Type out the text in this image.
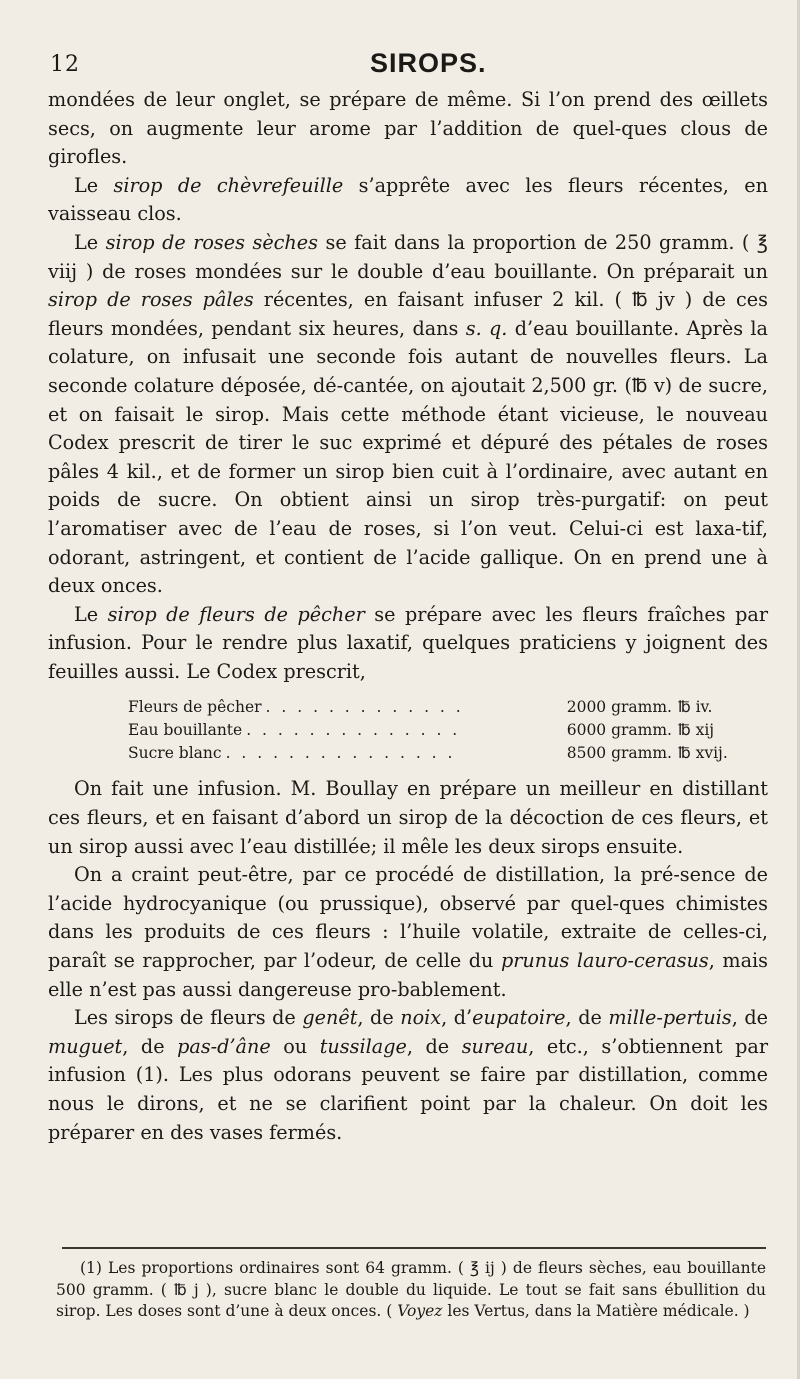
12	SIROPS.

mondées de leur onglet, se prépare de même. Si l’on prend des œillets secs, on augmente leur arome par l’addition de quel-ques clous de girofles.

Le sirop de chèvrefeuille s’apprête avec les fleurs récentes, en vaisseau clos.

Le sirop de roses sèches se fait dans la proportion de 250 gramm. ( ℥ viij ) de roses mondées sur le double d’eau bouillante. On préparait un sirop de roses pâles récentes, en faisant infuser 2 kil. ( ℔ jv ) de ces fleurs mondées, pendant six heures, dans s. q. d’eau bouillante. Après la colature, on infusait une seconde fois autant de nouvelles fleurs. La seconde colature déposée, dé-cantée, on ajoutait 2,500 gr. (℔ v) de sucre, et on faisait le sirop. Mais cette méthode étant vicieuse, le nouveau Codex prescrit de tirer le suc exprimé et dépuré des pétales de roses pâles 4 kil., et de former un sirop bien cuit à l’ordinaire, avec autant en poids de sucre. On obtient ainsi un sirop très-purgatif: on peut l’aromatiser avec de l’eau de roses, si l’on veut. Celui-ci est laxa-tif, odorant, astringent, et contient de l’acide gallique. On en prend une à deux onces.

Le sirop de fleurs de pêcher se prépare avec les fleurs fraîches par infusion. Pour le rendre plus laxatif, quelques praticiens y joignent des feuilles aussi. Le Codex prescrit,

Fleurs de pêcher . . . . . . . . . . . . .	2000 gramm. ℔ iv.
Eau bouillante . . . . . . . . . . . . . .	6000 gramm. ℔ xij
Sucre blanc . . . . . . . . . . . . . . .	8500 gramm. ℔ xvij.

On fait une infusion. M. Boullay en prépare un meilleur en distillant ces fleurs, et en faisant d’abord un sirop de la décoction de ces fleurs, et un sirop aussi avec l’eau distillée; il mêle les deux sirops ensuite.

On a craint peut-être, par ce procédé de distillation, la pré-sence de l’acide hydrocyanique (ou prussique), observé par quel-ques chimistes dans les produits de ces fleurs : l’huile volatile, extraite de celles-ci, paraît se rapprocher, par l’odeur, de celle du prunus lauro-cerasus, mais elle n’est pas aussi dangereuse pro-bablement.

Les sirops de fleurs de genêt, de noix, d’eupatoire, de mille-pertuis, de muguet, de pas-d’âne ou tussilage, de sureau, etc., s’obtiennent par infusion (1). Les plus odorans peuvent se faire par distillation, comme nous le dirons, et ne se clarifient point par la chaleur. On doit les préparer en des vases fermés.

(1) Les proportions ordinaires sont 64 gramm. ( ℥ ij ) de fleurs sèches, eau bouillante 500 gramm. ( ℔ j ), sucre blanc le double du liquide. Le tout se fait sans ébullition du sirop. Les doses sont d’une à deux onces. ( Voyez les Vertus, dans la Matière médicale. )
